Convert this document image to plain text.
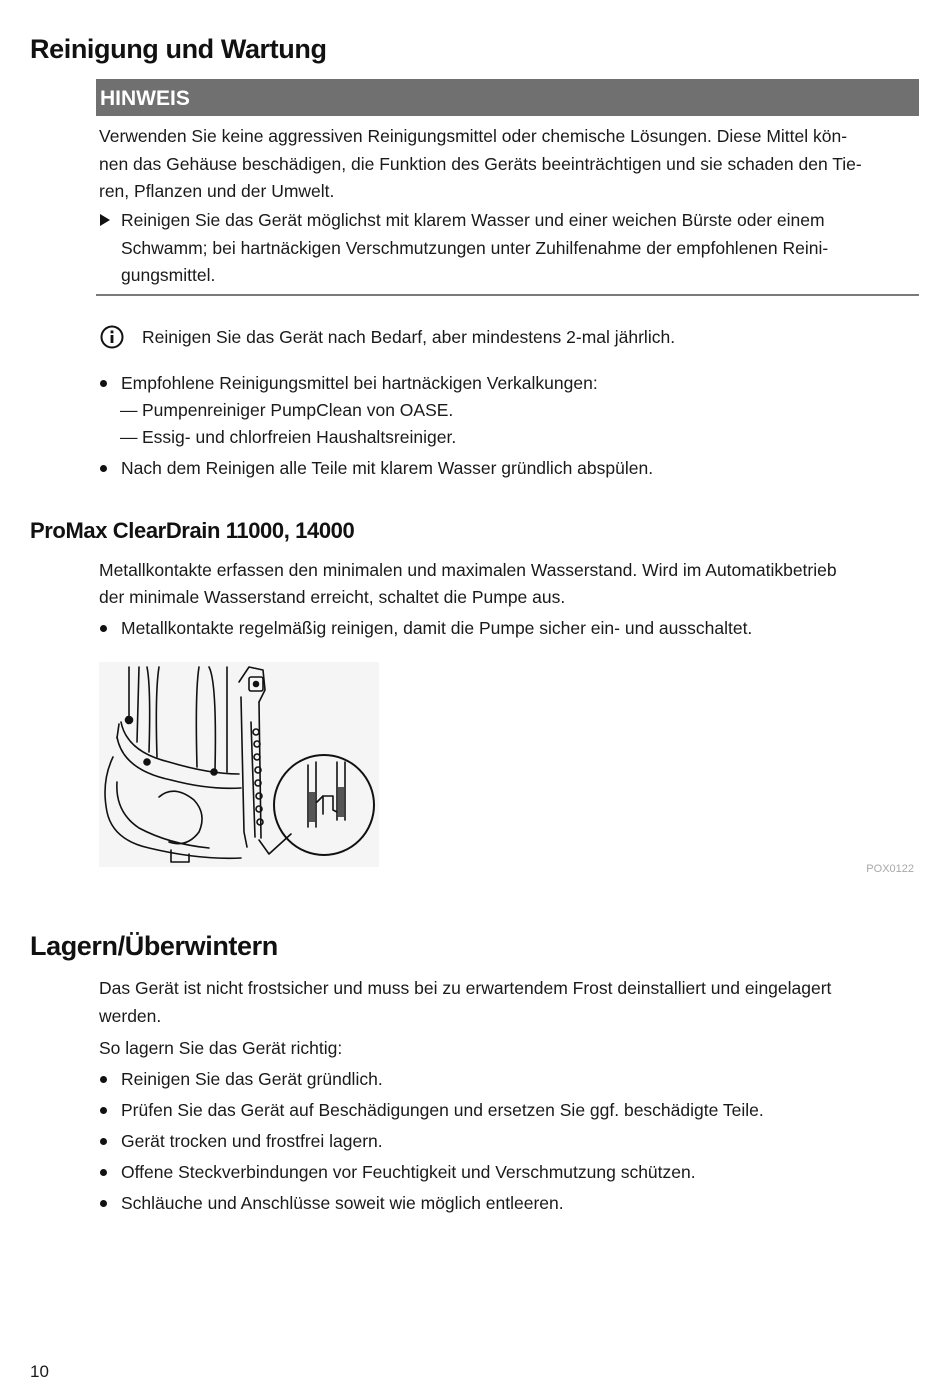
Reinigung und Wartung
HINWEIS

Verwenden Sie keine aggressiven Reinigungsmittel oder chemische Lösungen. Diese Mittel kön-

nen das Gehäuse beschädigen, die Funktion des Geräts beeinträchtigen und sie schaden den Tie-

ren, Pflanzen und der Umwelt.

Reinigen Sie das Gerät möglichst mit klarem Wasser und einer weichen Bürste oder einem
Schwamm; bei hartnäckigen Verschmutzungen unter Zuhilfenahme der empfohlenen Reini-
gungsmittel.
Reinigen Sie das Gerät nach Bedarf, aber mindestens 2-mal jährlich.
Empfohlene Reinigungsmittel bei hartnäckigen Verkalkungen:
— Pumpenreiniger PumpClean von OASE.
— Essig- und chlorfreien Haushaltsreiniger.
Nach dem Reinigen alle Teile mit klarem Wasser gründlich abspülen.
ProMax ClearDrain 11000, 14000

Metallkontakte erfassen den minimalen und maximalen Wasserstand. Wird im Automatikbetrieb

der minimale Wasserstand erreicht, schaltet die Pumpe aus.

Metallkontakte regelmäßig reinigen, damit die Pumpe sicher ein- und ausschaltet.
POX0122
Lagern/Überwintern

Das Gerät ist nicht frostsicher und muss bei zu erwartendem Frost deinstalliert und eingelagert

werden.

So lagern Sie das Gerät richtig:

Reinigen Sie das Gerät gründlich.
Prüfen Sie das Gerät auf Beschädigungen und ersetzen Sie ggf. beschädigte Teile.
Gerät trocken und frostfrei lagern.
Offene Steckverbindungen vor Feuchtigkeit und Verschmutzung schützen.
Schläuche und Anschlüsse soweit wie möglich entleeren.
10
